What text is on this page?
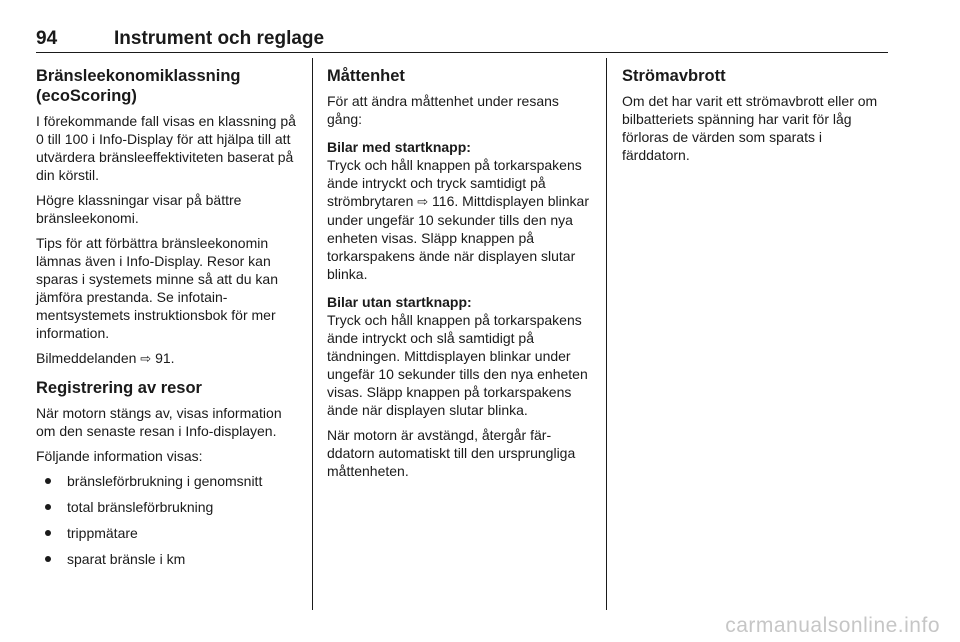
94	Instrument och reglage
Bränsleekonomiklassning (ecoScoring)

I förekommande fall visas en klassning på 0 till 100 i Info-Display för att hjälpa till att utvärdera bränsleeffektiviteten baserat på din körstil.

Högre klassningar visar på bättre bränsleekonomi.

Tips för att förbättra bränsleekonomin lämnas även i Info-Display. Resor kan sparas i systemets minne så att du kan jämföra prestanda. Se infotainmentsystemets instruktionsbok för mer information.

Bilmeddelanden ⇨ 91.

Registrering av resor

När motorn stängs av, visas information om den senaste resan i Info-displayen.

Följande information visas:

bränsleförbrukning i genomsnitt
total bränsleförbrukning
trippmätare
sparat bränsle i km
Måttenhet

För att ändra måttenhet under resans gång:

Bilar med startknapp:

Tryck och håll knappen på torkarspakens ände intryckt och tryck samtidigt på strömbrytaren ⇨ 116. Mittdisplayen blinkar under ungefär 10 sekunder tills den nya enheten visas. Släpp knappen på torkarspakens ände när displayen slutar blinka.

Bilar utan startknapp:

Tryck och håll knappen på torkarspakens ände intryckt och slå samtidigt på tändningen. Mittdisplayen blinkar under ungefär 10 sekunder tills den nya enheten visas. Släpp knappen på torkarspakens ände när displayen slutar blinka.

När motorn är avstängd, återgår färddatorn automatiskt till den ursprungliga måttenheten.

Strömavbrott

Om det har varit ett strömavbrott eller om bilbatteriets spänning har varit för låg förloras de värden som sparats i färddatorn.

carmanualsonline.info
